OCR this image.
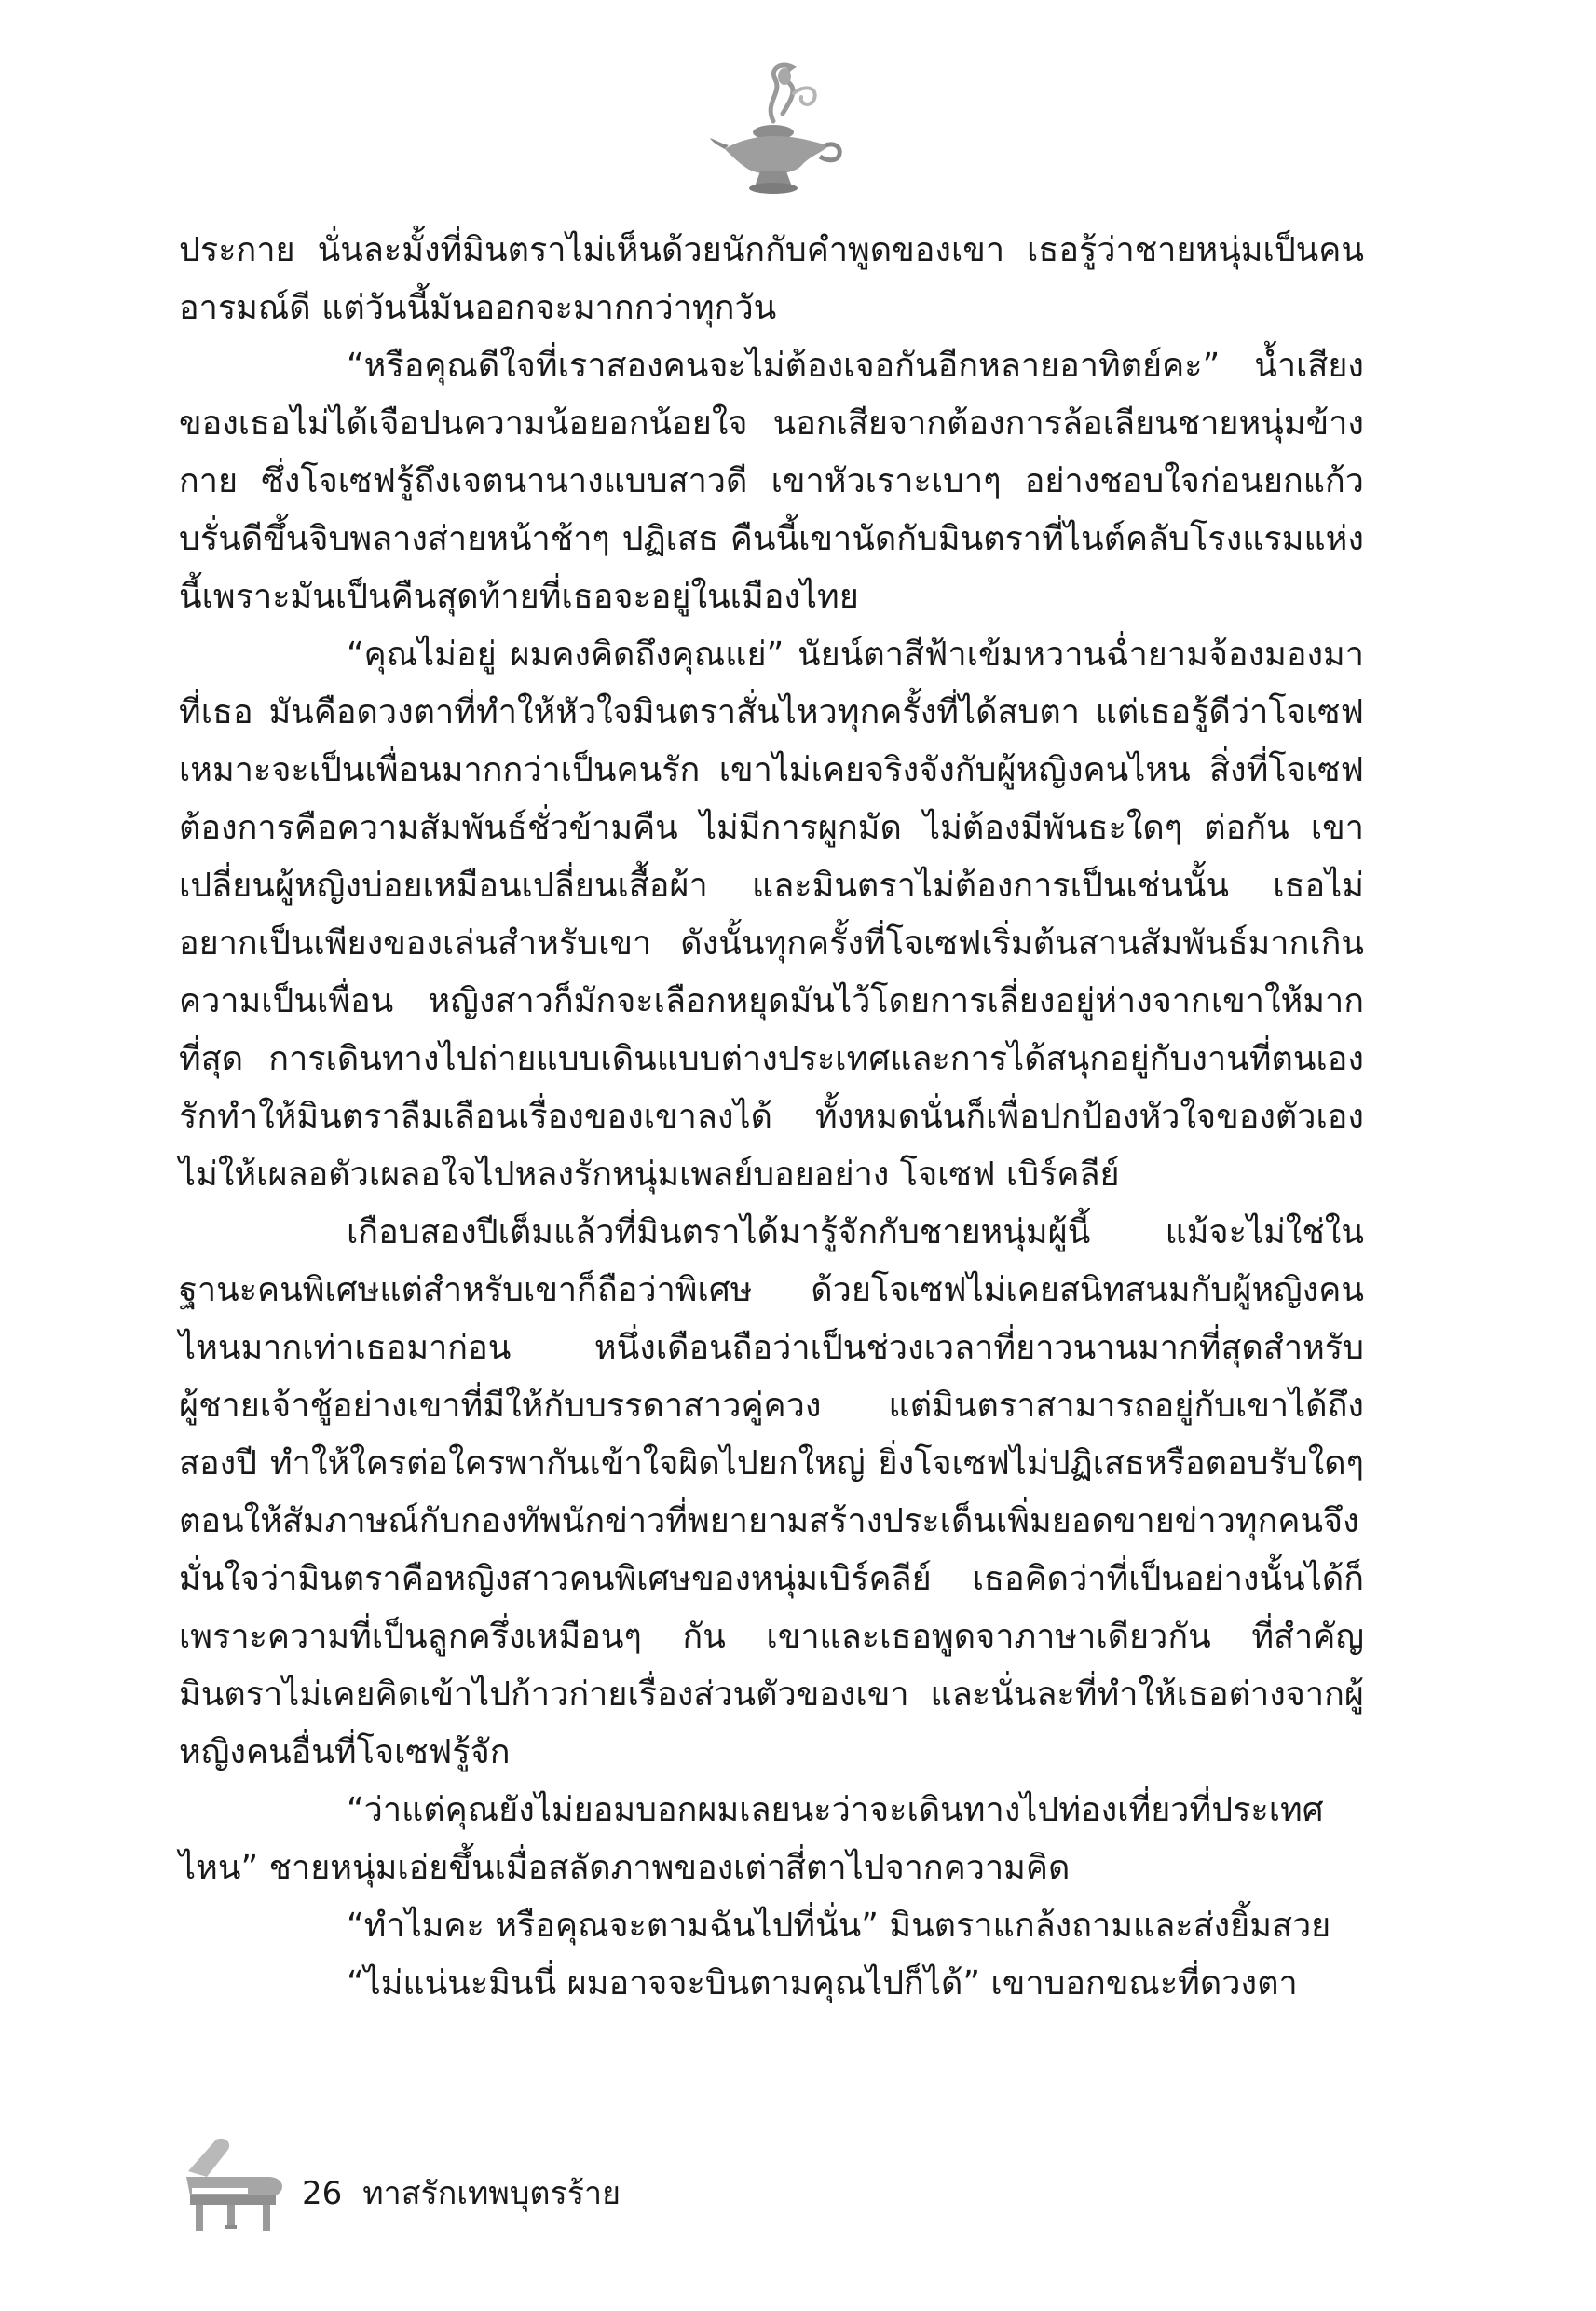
ประกาย นั่นละมั้งที่มินตราไม่เห็นด้วยนักกับคำพูดของเขา เธอรู้ว่าชายหนุ่มเป็นคนอารมณ์ดี แต่วันนี้มันออกจะมากกว่าทุกวัน

“หรือคุณดีใจที่เราสองคนจะไม่ต้องเจอกันอีกหลายอาทิตย์คะ” น้ำเสียงของเธอไม่ได้เจือปนความน้อยอกน้อยใจ นอกเสียจากต้องการล้อเลียนชายหนุ่มข้างกาย ซึ่งโจเซฟรู้ถึงเจตนานางแบบสาวดี เขาหัวเราะเบาๆ อย่างชอบใจก่อนยกแก้วบรั่นดีขึ้นจิบพลางส่ายหน้าช้าๆ ปฏิเสธ คืนนี้เขานัดกับมินตราที่ไนต์คลับโรงแรมแห่งนี้เพราะมันเป็นคืนสุดท้ายที่เธอจะอยู่ในเมืองไทย

“คุณไม่อยู่ ผมคงคิดถึงคุณแย่” นัยน์ตาสีฟ้าเข้มหวานฉ่ำยามจ้องมองมาที่เธอ มันคือดวงตาที่ทำให้หัวใจมินตราสั่นไหวทุกครั้งที่ได้สบตา แต่เธอรู้ดีว่าโจเซฟเหมาะจะเป็นเพื่อนมากกว่าเป็นคนรัก เขาไม่เคยจริงจังกับผู้หญิงคนไหน สิ่งที่โจเซฟต้องการคือความสัมพันธ์ชั่วข้ามคืน ไม่มีการผูกมัด ไม่ต้องมีพันธะใดๆ ต่อกัน เขาเปลี่ยนผู้หญิงบ่อยเหมือนเปลี่ยนเสื้อผ้า และมินตราไม่ต้องการเป็นเช่นนั้น เธอไม่อยากเป็นเพียงของเล่นสำหรับเขา ดังนั้นทุกครั้งที่โจเซฟเริ่มต้นสานสัมพันธ์มากเกินความเป็นเพื่อน หญิงสาวก็มักจะเลือกหยุดมันไว้โดยการเลี่ยงอยู่ห่างจากเขาให้มากที่สุด การเดินทางไปถ่ายแบบเดินแบบต่างประเทศและการได้สนุกอยู่กับงานที่ตนเองรักทำให้มินตราลืมเลือนเรื่องของเขาลงได้ ทั้งหมดนั่นก็เพื่อปกป้องหัวใจของตัวเองไม่ให้เผลอตัวเผลอใจไปหลงรักหนุ่มเพลย์บอยอย่าง โจเซฟ เบิร์คลีย์

เกือบสองปีเต็มแล้วที่มินตราได้มารู้จักกับชายหนุ่มผู้นี้ แม้จะไม่ใช่ในฐานะคนพิเศษแต่สำหรับเขาก็ถือว่าพิเศษ ด้วยโจเซฟไม่เคยสนิทสนมกับผู้หญิงคนไหนมากเท่าเธอมาก่อน หนึ่งเดือนถือว่าเป็นช่วงเวลาที่ยาวนานมากที่สุดสำหรับผู้ชายเจ้าชู้อย่างเขาที่มีให้กับบรรดาสาวคู่ควง แต่มินตราสามารถอยู่กับเขาได้ถึงสองปี ทำให้ใครต่อใครพากันเข้าใจผิดไปยกใหญ่ ยิ่งโจเซฟไม่ปฏิเสธหรือตอบรับใดๆ ตอนให้สัมภาษณ์กับกองทัพนักข่าวที่พยายามสร้างประเด็นเพิ่มยอดขายข่าวทุกคนจึงมั่นใจว่ามินตราคือหญิงสาวคนพิเศษของหนุ่มเบิร์คลีย์ เธอคิดว่าที่เป็นอย่างนั้นได้ก็เพราะความที่เป็นลูกครึ่งเหมือนๆ กัน เขาและเธอพูดจาภาษาเดียวกัน ที่สำคัญมินตราไม่เคยคิดเข้าไปก้าวก่ายเรื่องส่วนตัวของเขา และนั่นละที่ทำให้เธอต่างจากผู้หญิงคนอื่นที่โจเซฟรู้จัก

“ว่าแต่คุณยังไม่ยอมบอกผมเลยนะว่าจะเดินทางไปท่องเที่ยวที่ประเทศไหน” ชายหนุ่มเอ่ยขึ้นเมื่อสลัดภาพของเต่าสี่ตาไปจากความคิด

“ทำไมคะ หรือคุณจะตามฉันไปที่นั่น” มินตราแกล้งถามและส่งยิ้มสวย

“ไม่แน่นะมินนี่ ผมอาจจะบินตามคุณไปก็ได้” เขาบอกขณะที่ดวงตา

26 ทาสรักเทพบุตรร้าย
